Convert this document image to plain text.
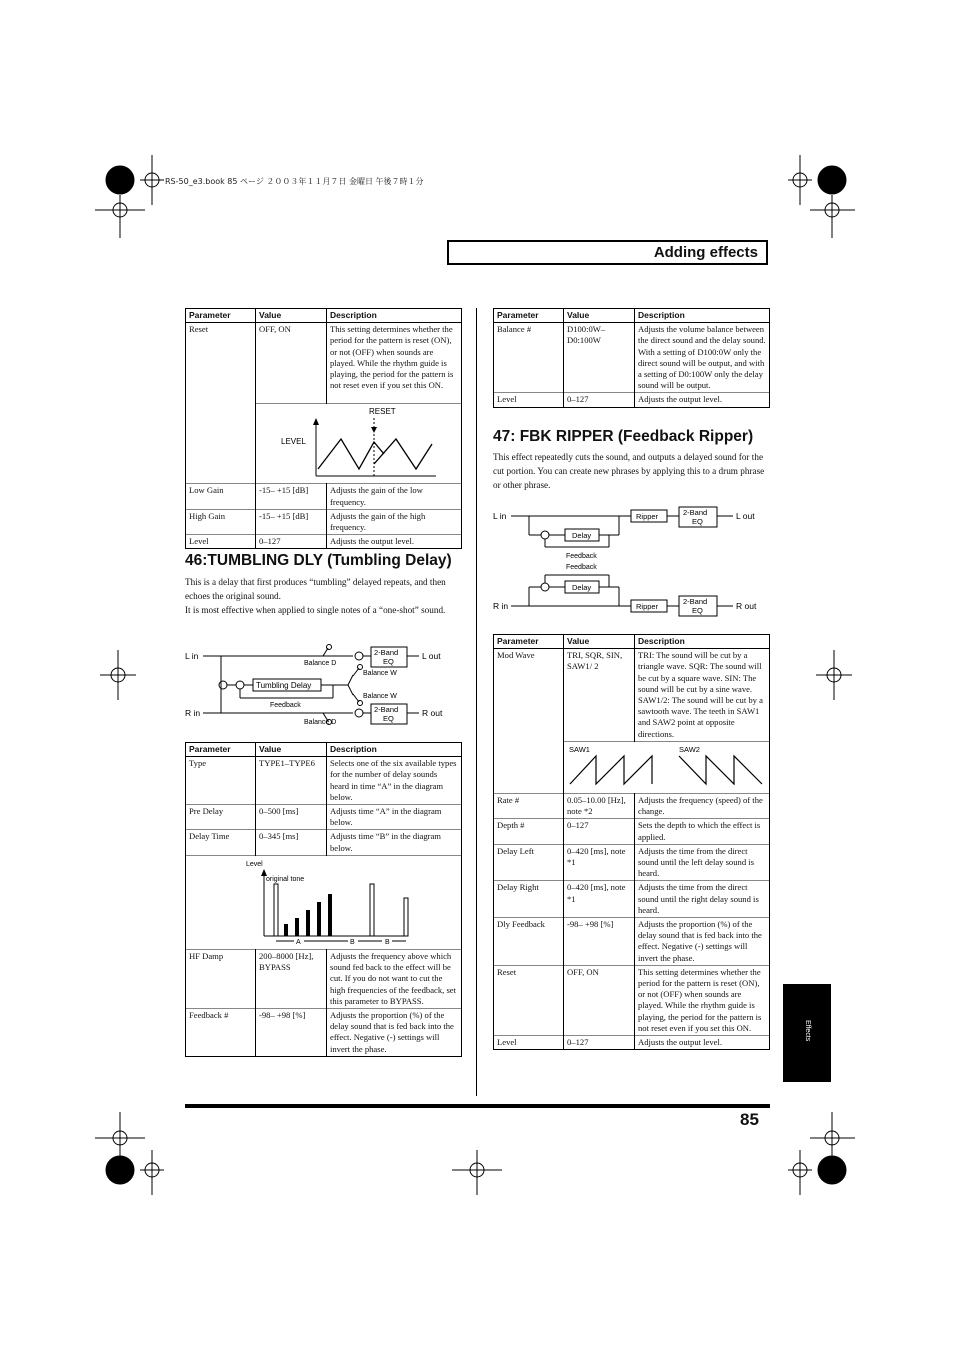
RS-50_e3.book 85 ページ ２００３年１１月７日 金曜日 午後７時１分
Adding effects
Parameter	Value	Description
Reset	OFF, ON	This setting determines whether the period for the pattern is reset (ON), or not (OFF) when sounds are played. While the rhythm guide is playing, the period for the pattern is not reset even if you set this ON.

RESET
LEVEL	

Low Gain	-15– +15 [dB]	Adjusts the gain of the low frequency.
High Gain	-15– +15 [dB]	Adjusts the gain of the high frequency.
Level	0–127	Adjusts the output level.
46:TUMBLING DLY (Tumbling Delay)
This is a delay that first produces “tumbling” delayed repeats, and then echoes the original sound.
It is most effective when applied to single notes of a “one-shot” sound.
L in
R in
L out
R out
Balance D
Balance W
Balance W
Balance D
Feedback
2-Band
EQ
2-Band
EQ
Tumbling Delay
Parameter	Value	Description
Type	TYPE1–TYPE6	Selects one of the six available types for the number of delay sounds heard in time “A” in the diagram below.
Pre Delay	0–500 [ms]	Adjusts time “A” in the diagram below.
Delay Time	0–345 [ms]	Adjusts time “B” in the diagram below.

Level
original tone
A B B		

HF Damp	200–8000 [Hz], BYPASS	Adjusts the frequency above which sound fed back to the effect will be cut. If you do not want to cut the high frequencies of the feedback, set this parameter to BYPASS.
Feedback #	-98– +98 [%]	Adjusts the proportion (%) of the delay sound that is fed back into the effect. Negative (-) settings will invert the phase.
Parameter	Value	Description
Balance #	D100:0W– D0:100W	Adjusts the volume balance between the direct sound and the delay sound. With a setting of D100:0W only the direct sound will be output, and with a setting of D0:100W only the delay sound will be output.
Level	0–127	Adjusts the output level.
47: FBK RIPPER (Feedback Ripper)
This effect repeatedly cuts the sound, and outputs a delayed sound for the cut portion. You can create new phrases by applying this to a drum phrase or other phrase.
L in
R in
L out
R out
Feedback
Feedback
Ripper
Ripper
Delay
Delay
2-Band
EQ
2-Band
EQ
Parameter	Value	Description
Mod Wave	TRI, SQR, SIN, SAW1/ 2	TRI: The sound will be cut by a triangle wave. SQR: The sound will be cut by a square wave. SIN: The sound will be cut by a sine wave. SAW1/2: The sound will be cut by a sawtooth wave. The teeth in SAW1 and SAW2 point at opposite directions.

SAW1 SAW2	

Rate #	0.05–10.00 [Hz], note *2	Adjusts the frequency (speed) of the change.
Depth #	0–127	Sets the depth to which the effect is applied.
Delay Left	0–420 [ms], note *1	Adjusts the time from the direct sound until the left delay sound is heard.
Delay Right	0–420 [ms], note *1	Adjusts the time from the direct sound until the right delay sound is heard.
Dly Feedback	-98– +98 [%]	Adjusts the proportion (%) of the delay sound that is fed back into the effect. Negative (-) settings will invert the phase.
Reset	OFF, ON	This setting determines whether the period for the pattern is reset (ON), or not (OFF) when sounds are played. While the rhythm guide is playing, the period for the pattern is not reset even if you set this ON.
Level	0–127	Adjusts the output level.
Effects
85
